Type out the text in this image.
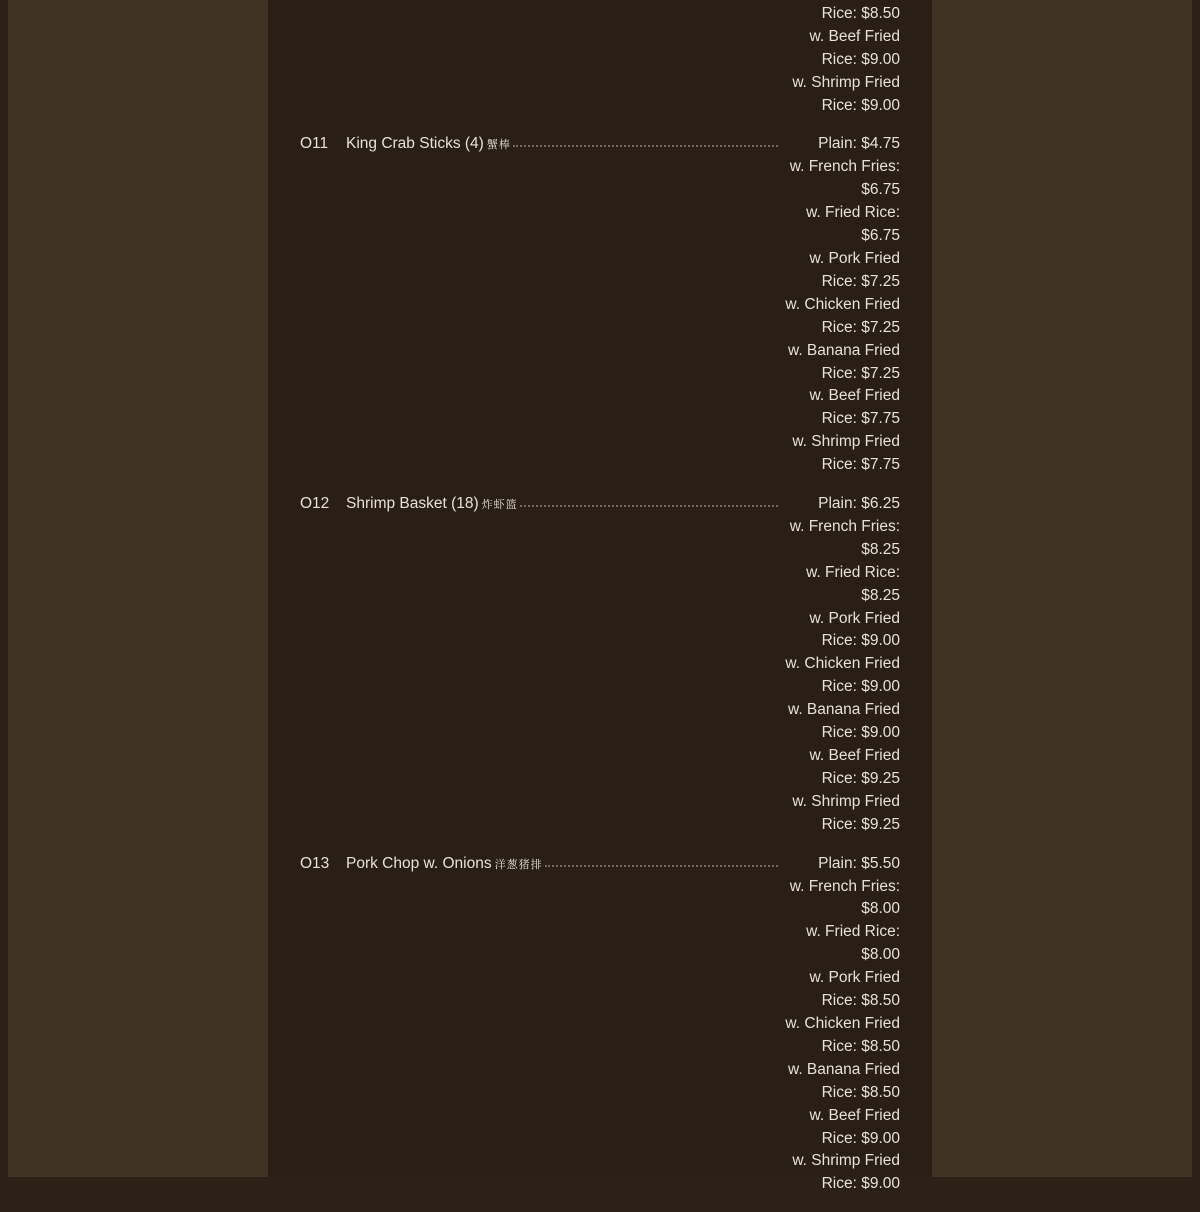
Rice: $8.50
w. Beef Fried
Rice: $9.00
w. Shrimp Fried
Rice: $9.00
O11	King Crab Sticks (4) 蟹棒	Plain: $4.75
w. French Fries:
$6.75
w. Fried Rice:
$6.75
w. Pork Fried
Rice: $7.25
w. Chicken Fried
Rice: $7.25
w. Banana Fried
Rice: $7.25
w. Beef Fried
Rice: $7.75
w. Shrimp Fried
Rice: $7.75
O12	Shrimp Basket (18) 炸虾篮	Plain: $6.25
w. French Fries:
$8.25
w. Fried Rice:
$8.25
w. Pork Fried
Rice: $9.00
w. Chicken Fried
Rice: $9.00
w. Banana Fried
Rice: $9.00
w. Beef Fried
Rice: $9.25
w. Shrimp Fried
Rice: $9.25
O13	Pork Chop w. Onions 洋葱猪排	Plain: $5.50
w. French Fries:
$8.00
w. Fried Rice:
$8.00
w. Pork Fried
Rice: $8.50
w. Chicken Fried
Rice: $8.50
w. Banana Fried
Rice: $8.50
w. Beef Fried
Rice: $9.00
w. Shrimp Fried
Rice: $9.00
